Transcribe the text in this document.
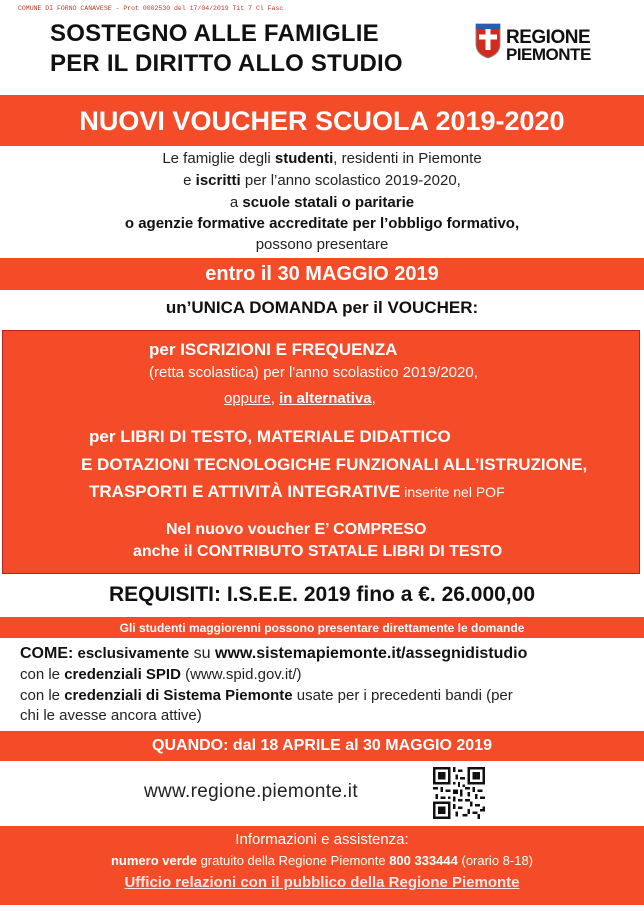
COMUNE DI FORNO CANAVESE - Prot 0002530 del 17/04/2019 Tit 7 Cl Fasc
SOSTEGNO ALLE FAMIGLIE
PER IL DIRITTO ALLO STUDIO
REGIONE
PIEMONTE
NUOVI VOUCHER SCUOLA 2019-2020
Le famiglie degli studenti, residenti in Piemonte
e iscritti per l’anno scolastico 2019-2020,
a scuole statali o paritarie
o agenzie formative accreditate per l’obbligo formativo,
possono presentare
entro il 30 MAGGIO 2019
un’UNICA DOMANDA per il VOUCHER:
per ISCRIZIONI E FREQUENZA
(retta scolastica) per l'anno scolastico 2019/2020,
oppure, in alternativa,
per LIBRI DI TESTO, MATERIALE DIDATTICO
E DOTAZIONI TECNOLOGICHE FUNZIONALI ALL’ISTRUZIONE,
TRASPORTI E ATTIVITÀ INTEGRATIVE inserite nel POF
Nel nuovo voucher E’ COMPRESO
anche il CONTRIBUTO STATALE LIBRI DI TESTO
REQUISITI: I.S.E.E. 2019 fino a €. 26.000,00
Gli studenti maggiorenni possono presentare direttamente le domande
COME: esclusivamente su www.sistemapiemonte.it/assegnidistudio
con le credenziali SPID (www.spid.gov.it/)
con le credenziali di Sistema Piemonte usate per i precedenti bandi (per
chi le avesse ancora attive)
QUANDO: dal 18 APRILE al 30 MAGGIO 2019
www.regione.piemonte.it
Informazioni e assistenza:
numero verde gratuito della Regione Piemonte 800 333444 (orario 8-18)
Ufficio relazioni con il pubblico della Regione Piemonte
